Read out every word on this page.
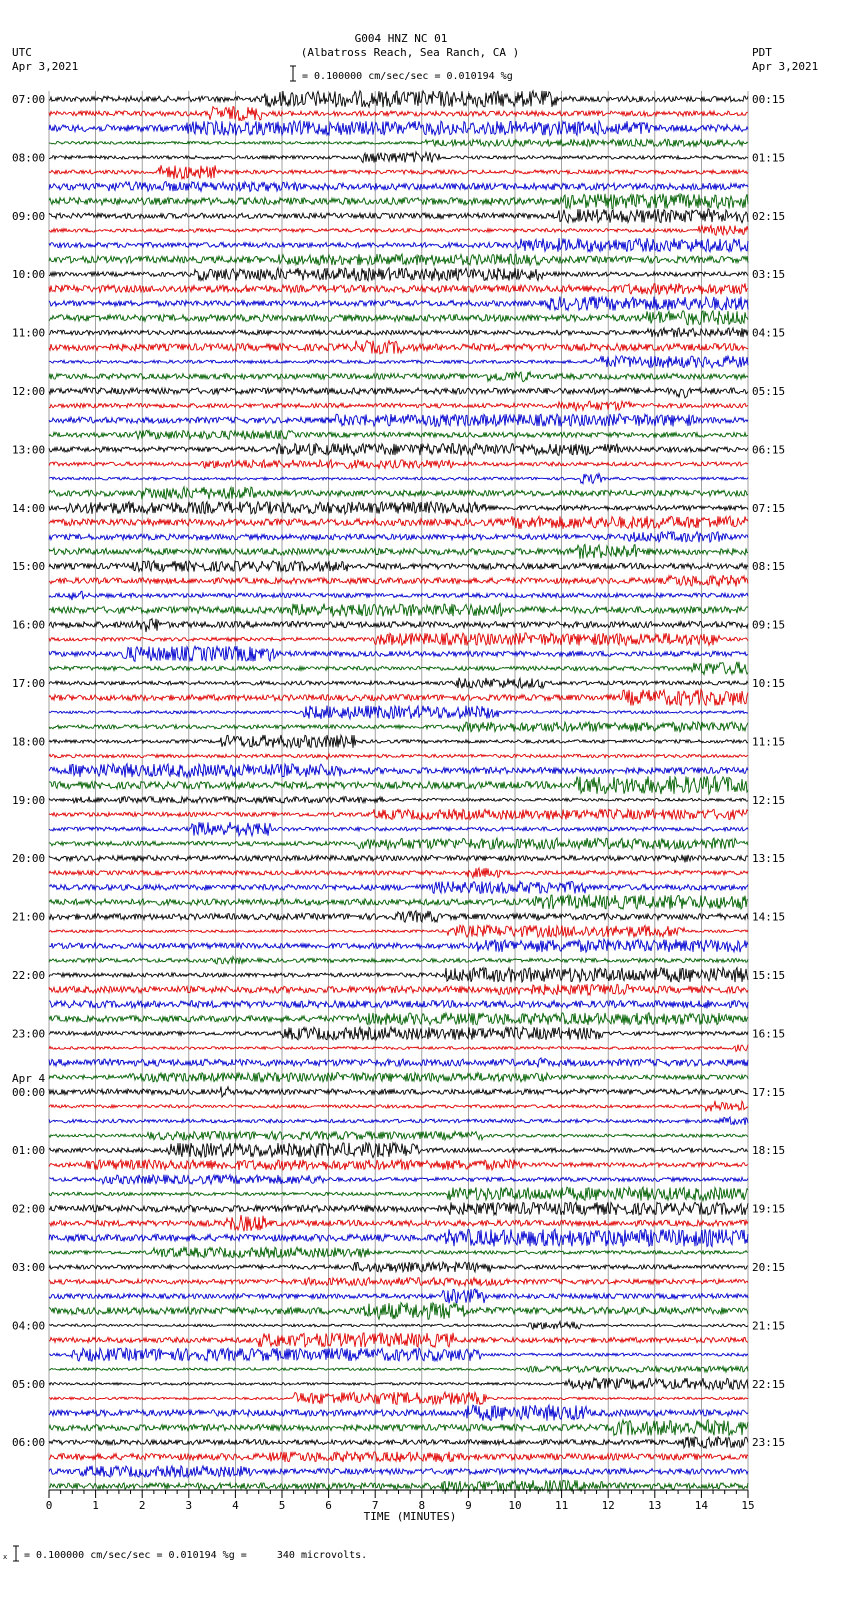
G004 HNZ NC 01
(Albatross Reach, Sea Ranch, CA )
UTC
Apr 3,2021
PDT
Apr 3,2021
= 0.100000 cm/sec/sec = 0.010194 %g
0	1	2	3	4	5	6	7	8	9	10	11	12	13	14	15
07:00
08:00
09:00
10:00
11:00
12:00
13:00
14:00
15:00
16:00
17:00
18:00
19:00
20:00
21:00
22:00
23:00
00:00
01:00
02:00
03:00
04:00
05:00
06:00
Apr 4
00:15
01:15
02:15
03:15
04:15
05:15
06:15
07:15
08:15
09:15
10:15
11:15
12:15
13:15
14:15
15:15
16:15
17:15
18:15
19:15
20:15
21:15
22:15
23:15
TIME (MINUTES)
x = 0.100000 cm/sec/sec = 0.010194 %g =     340 microvolts.
